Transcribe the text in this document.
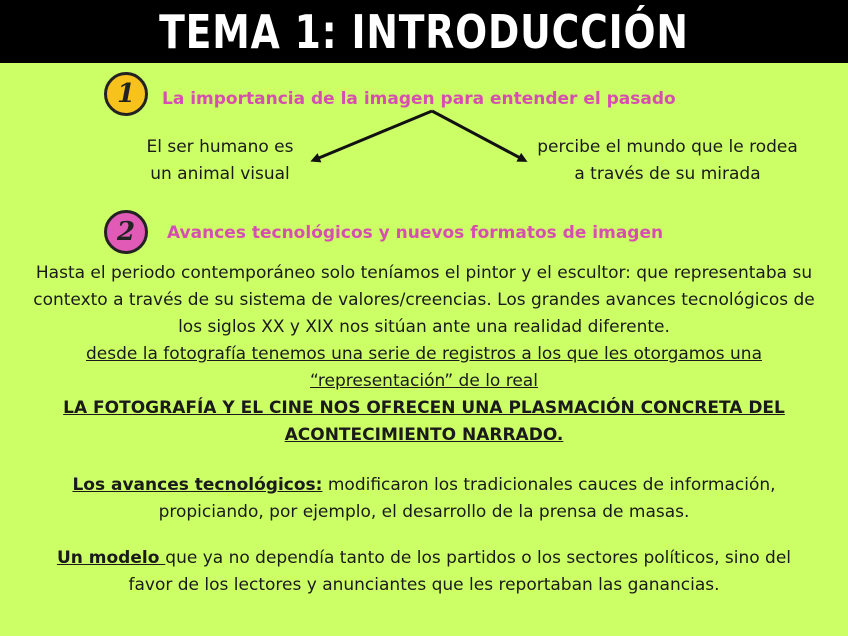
TEMA 1: INTRODUCCIÓN
1	La importancia de la imagen para entender el pasado

El ser humano es
un animal visual
percibe el mundo que le rodea
a través de su mirada
2	Avances tecnológicos y nuevos formatos de imagen

Hasta el periodo contemporáneo solo teníamos el pintor y el escultor: que representaba su
contexto a través de su sistema de valores/creencias. Los grandes avances tecnológicos de
los siglos XX y XIX nos sitúan ante una realidad diferente.
desde la fotografía tenemos una serie de registros a los que les otorgamos una
“representación” de lo real
LA FOTOGRAFÍA Y EL CINE NOS OFRECEN UNA PLASMACIÓN CONCRETA DEL
ACONTECIMIENTO NARRADO.
Los avances tecnológicos: modificaron los tradicionales cauces de información,
propiciando, por ejemplo, el desarrollo de la prensa de masas.
Un modelo que ya no dependía tanto de los partidos o los sectores políticos, sino del
favor de los lectores y anunciantes que les reportaban las ganancias.
